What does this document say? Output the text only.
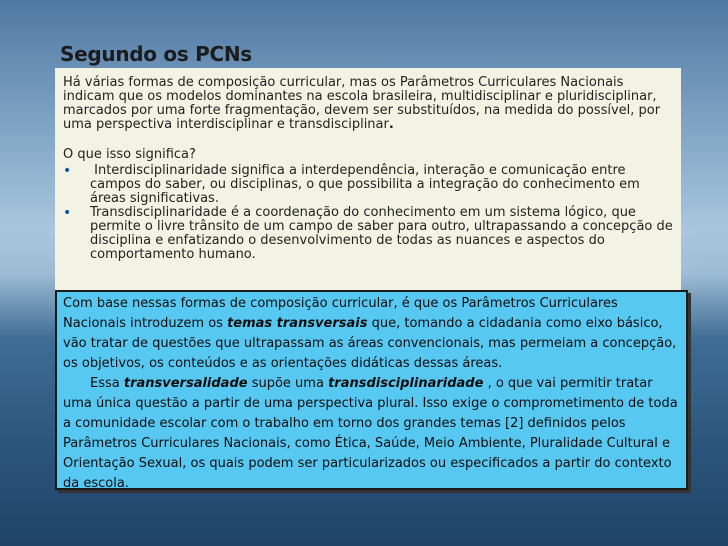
Segundo os PCNs

Há várias formas de composição curricular, mas os Parâmetros Curriculares Nacionais indicam que os modelos dominantes na escola brasileira, multidisciplinar e pluridisciplinar, marcados por uma forte fragmentação, devem ser substituídos, na medida do possível, por uma perspectiva interdisciplinar e transdisciplinar.

O que isso significa?

• Interdisciplinaridade significa a interdependência, interação e comunicação entre campos do saber, ou disciplinas, o que possibilita a integração do conhecimento em áreas significativas.
• Transdisciplinaridade é a coordenação do conhecimento em um sistema lógico, que permite o livre trânsito de um campo de saber para outro, ultrapassando a concepção de disciplina e enfatizando o desenvolvimento de todas as nuances e aspectos do comportamento humano.

Com base nessas formas de composição curricular, é que os Parâmetros Curriculares Nacionais introduzem os temas transversais que, tomando a cidadania como eixo básico, vão tratar de questões que ultrapassam as áreas convencionais, mas permeiam a concepção, os objetivos, os conteúdos e as orientações didáticas dessas áreas.

Essa transversalidade supõe uma transdisciplinaridade , o que vai permitir tratar uma única questão a partir de uma perspectiva plural. Isso exige o comprometimento de toda a comunidade escolar com o trabalho em torno dos grandes temas [2] definidos pelos Parâmetros Curriculares Nacionais, como Ética, Saúde, Meio Ambiente, Pluralidade Cultural e Orientação Sexual, os quais podem ser particularizados ou especificados a partir do contexto da escola.
